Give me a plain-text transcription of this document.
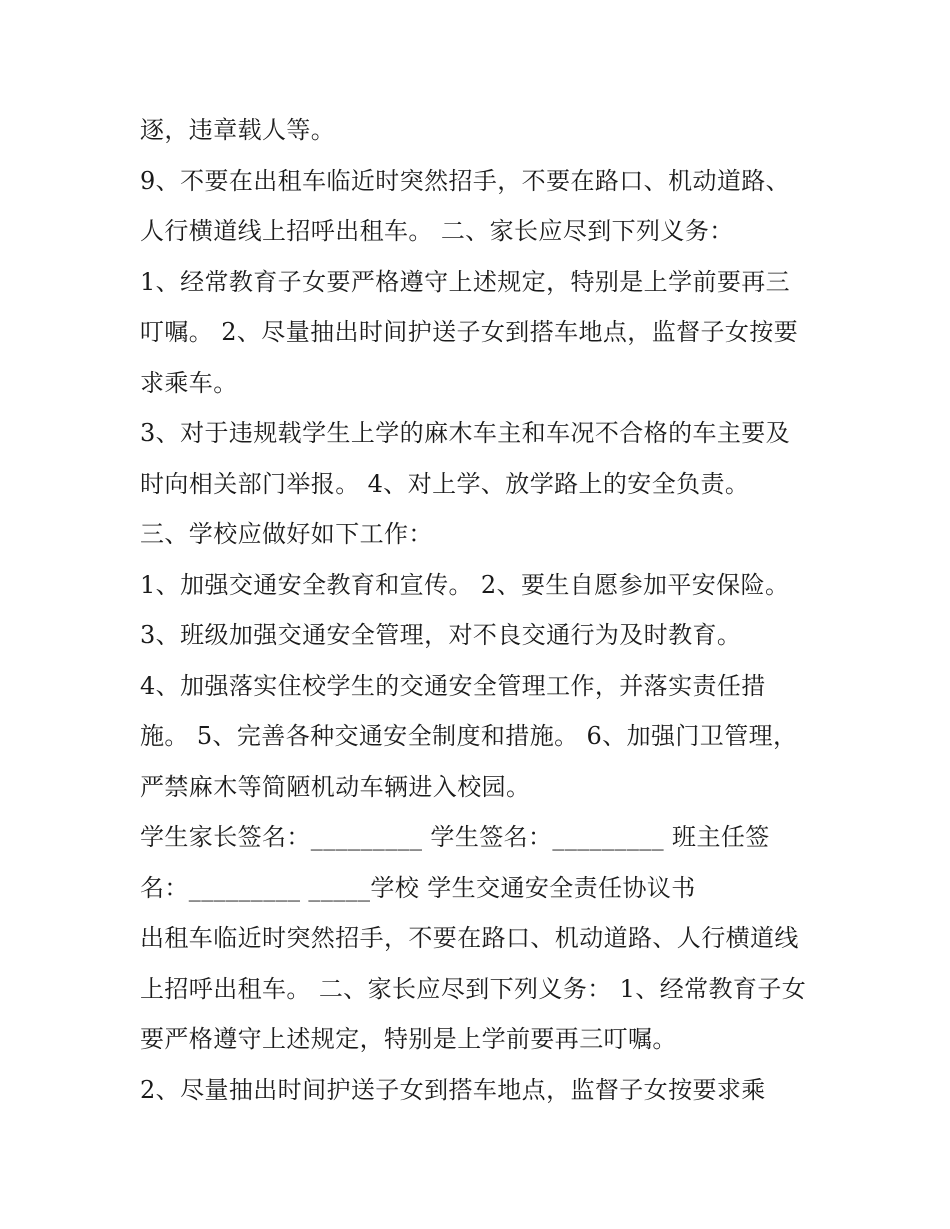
逐，违章载人等。
9、不要在出租车临近时突然招手，不要在路口、机动道路、
人行横道线上招呼出租车。 二、家长应尽到下列义务：
1、经常教育子女要严格遵守上述规定，特别是上学前要再三
叮嘱。 2、尽量抽出时间护送子女到搭车地点，监督子女按要
求乘车。
3、对于违规载学生上学的麻木车主和车况不合格的车主要及
时向相关部门举报。 4、对上学、放学路上的安全负责。
三、学校应做好如下工作：
1、加强交通安全教育和宣传。 2、要生自愿参加平安保险。
3、班级加强交通安全管理，对不良交通行为及时教育。
4、加强落实住校学生的交通安全管理工作，并落实责任措
施。 5、完善各种交通安全制度和措施。 6、加强门卫管理，
严禁麻木等简陋机动车辆进入校园。
学生家长签名：_________ 学生签名：_________ 班主任签
名：_________ _____学校 学生交通安全责任协议书
出租车临近时突然招手，不要在路口、机动道路、人行横道线
上招呼出租车。 二、家长应尽到下列义务： 1、经常教育子女
要严格遵守上述规定，特别是上学前要再三叮嘱。
2、尽量抽出时间护送子女到搭车地点，监督子女按要求乘
